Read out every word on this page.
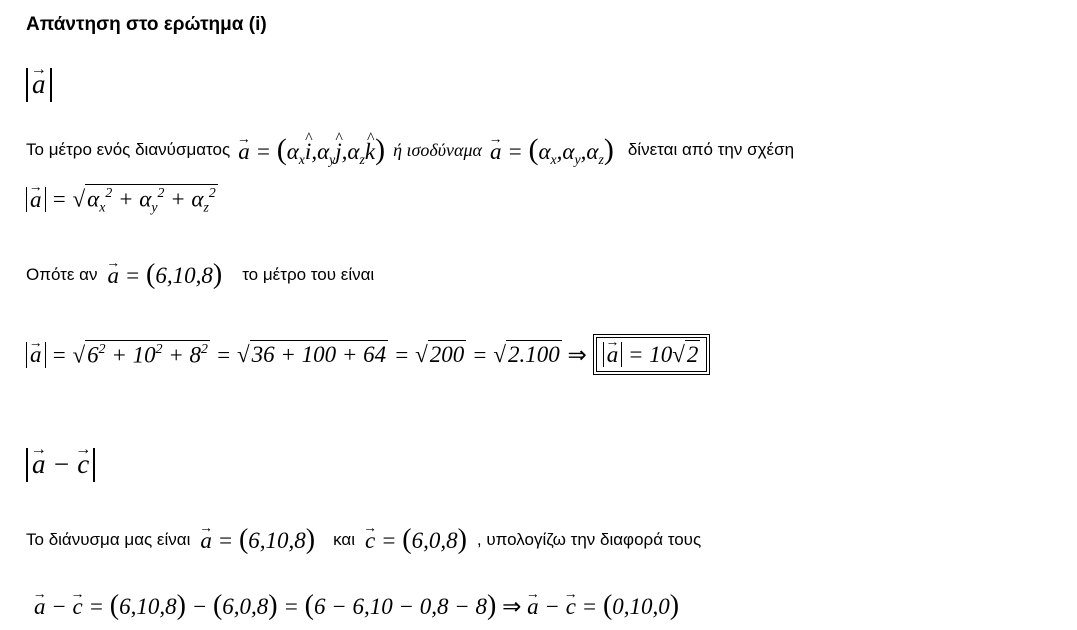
Απάντηση στο ερώτημα (i)
→ a
Το μέτρο ενός διανύσματος
→ $a = (\alpha_x\^{}$ $i,\alpha_y\^{}$ $j,\alpha_z\^{}$ k) ή ισοδύναμα
→ $a = (\alpha_x,\alpha_y,\alpha_z)$ δίνεται από την σχέση
→ $a = √\alpha_x^2 + \alpha_y^2 + \alpha_z^2$
Οπότε αν
→ a = (6,10,8) το μέτρο του είναι
→ $a = √6^2 + 10^2 + 8^2 = √36 + 100 + 64 = √200 = √2.100$ ⇒
→ a = 10√2
→ a − → c
Το διάνυσμα μας είναι
→ a = (6,10,8) και
→ c = (6,0,8) , υπολογίζω την διαφορά τους
→ a − → c = (6,10,8) − (6,0,8) = (6 − 6,10 − 0,8 − 8) ⇒ → a − → c = (0,10,0)
